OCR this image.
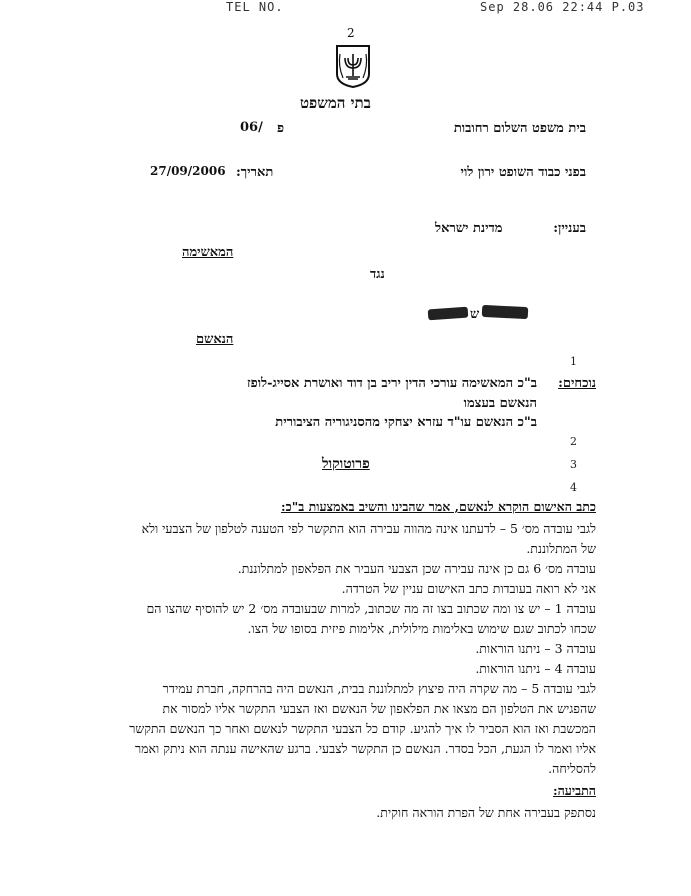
TEL NO.	Sep 28.06 22:44 P.03
2
בתי המשפט
בית משפט השלום רחובות
פ
06/
בפני כבוד השופט ירון לוי
תאריך:
27/09/2006
בעניין:
מדינת ישראל
המאשימה
נגד
ש
הנאשם
1
2
3
4
נוכחים:
ב"כ המאשימה עורכי הדין יריב בן דוד ואושרת אסייג-לופז
הנאשם בעצמו
ב"כ הנאשם עו"ד עזרא יצחקי מהסניגוריה הציבורית
פרוטוקול
כתב האישום הוקרא לנאשם, אמר שהבינו והשיב באמצעות ב"כ:
לגבי עובדה מס׳ 5 – לדעתנו אינה מהווה עבירה הוא התקשר לפי הטענה לטלפון של הצבעי ולא
של המתלוננת.
עובדה מס׳ 6 גם כן אינה עבירה שכן הצבעי העביר את הפלאפון למתלוננת.
אני לא רואה בעובדות כתב האישום עניין של הטרדה.
עובדה 1 – יש צו ומה שכתוב בצו זה מה שכתוב, למרות שבעובדה מס׳ 2 יש להוסיף שהצו הם
שכחו לכתוב שגם שימוש באלימות מילולית, אלימות פיזית בסופו של הצו.
עובדה 3 – ניתנו הוראות.
עובדה 4 – ניתנו הוראות.
לגבי עובדה 5 – מה שקרה היה פיצוץ למתלוננת בבית, הנאשם היה בהרחקה, חברת עמידר
שהפגיש את הטלפון הם מצאו את הפלאפון של הנאשם ואז הצבעי התקשר אליו למסור את
המכשבת ואז הוא הסביר לו איך להגיע. קודם כל הצבעי התקשר לנאשם ואחר כך הנאשם התקשר
אליו ואמר לו הגעת, הכל בסדר. הנאשם כן התקשר לצבעי. ברגע שהאישה ענתה הוא ניתק ואמר
להסליחה.
התביעה:
נסתפק בעבירה אחת של הפרת הוראה חוקית.
